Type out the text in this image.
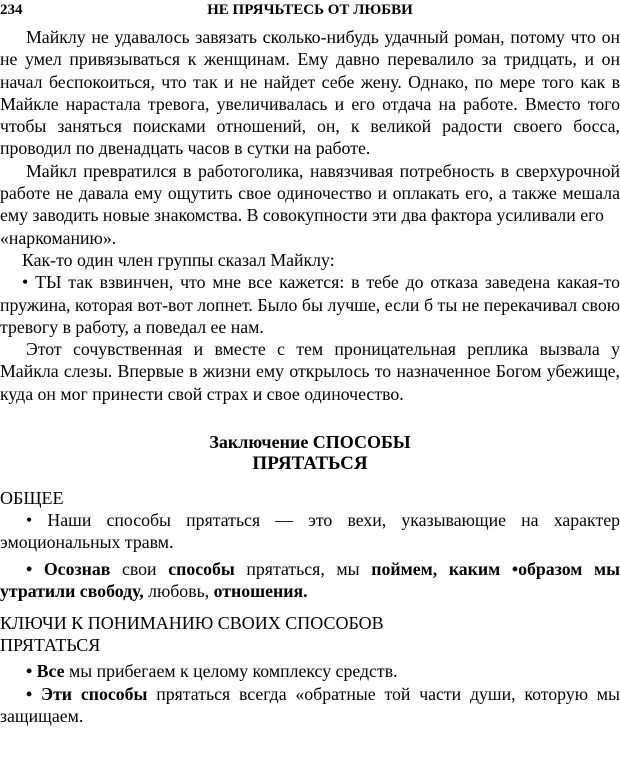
234	НЕ ПРЯЧЬТЕСЬ ОТ ЛЮБВИ

Майклу не удавалось завязать сколько-нибудь удачный роман, потому что он не умел привязываться к женщинам. Ему давно перевалило за тридцать, и он начал беспокоиться, что так и не найдет себе жену. Однако, по мере того как в Майкле нарастала тревога, увеличивалась и его отдача на работе. Вместо того чтобы заняться поисками отношений, он, к великой радости своего босса, проводил по двенадцать часов в сутки на работе.

Майкл превратился в работоголика, навязчивая потребность в сверхурочной работе не давала ему ощутить свое одиночество и оплакать его, а также мешала ему заводить новые знакомства. В совокупности эти два фактора усиливали его

«наркоманию».

Как-то один член группы сказал Майклу:

• ТЫ так взвинчен, что мне все кажется: в тебе до отказа заведена какая-то пружина, которая вот-вот лопнет. Было бы лучше, если б ты не перекачивал свою тревогу в работу, а поведал ее нам.

Этот сочувственная и вместе с тем проницательная реплика вызвала у Майкла слезы. Впервые в жизни ему открылось то назначенное Богом убежище, куда он мог принести свой страх и свое одиночество.

Заключение СПОСОБЫ
ПРЯТАТЬСЯ

ОБЩЕЕ

• Наши способы прятаться — это вехи, указывающие на характер эмоциональных травм.

• Осознав свои способы прятаться, мы поймем, каким •образом мы утратили свободу, любовь, отношения.

КЛЮЧИ К ПОНИМАНИЮ СВОИХ СПОСОБОВ ПРЯТАТЬСЯ

• Все мы прибегаем к целому комплексу средств.

• Эти способы прятаться всегда «обратные той части души, которую мы защищаем.
